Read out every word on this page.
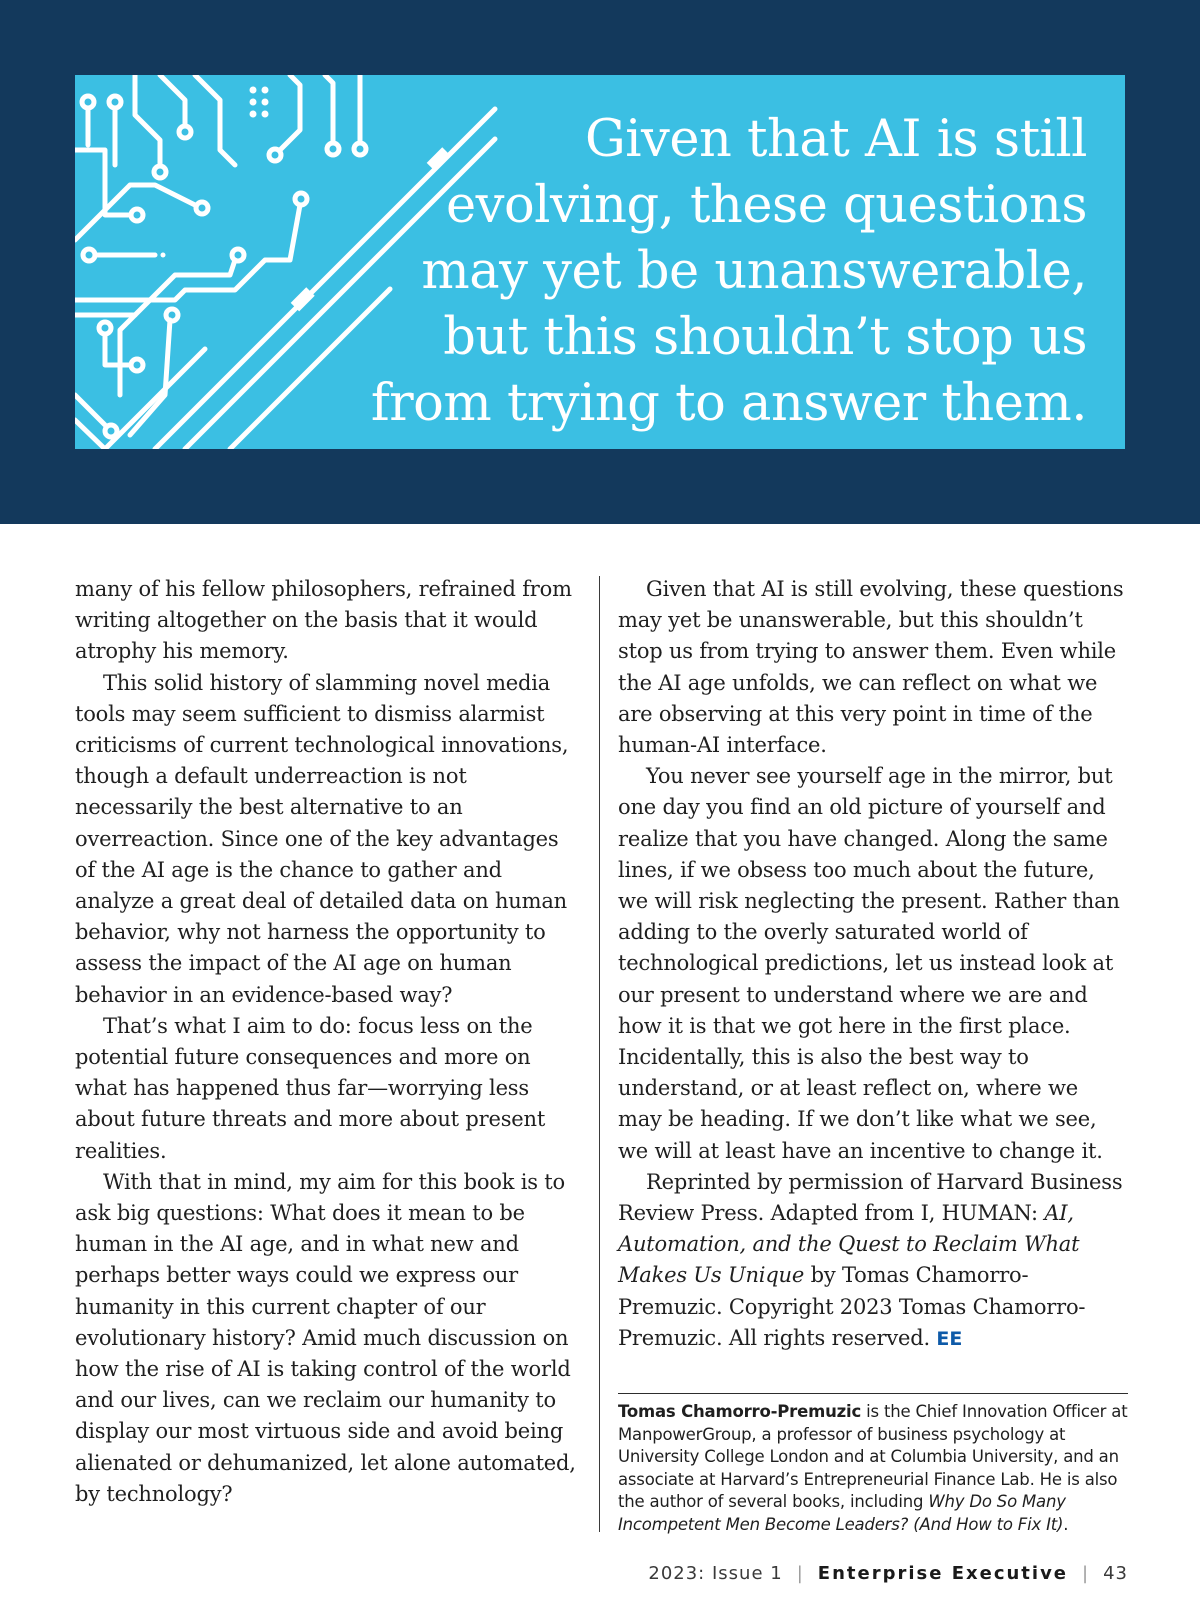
Given that AI is still

evolving, these questions

may yet be unanswerable,

but this shouldn’t stop us

from trying to answer them.

many of his fellow philosophers, refrained from writing altogether on the basis that it would atrophy his memory.

This solid history of slamming novel media tools may seem sufficient to dismiss alarmist criticisms of current technological innovations, though a default underreaction is not necessarily the best alternative to an overreaction. Since one of the key advantages of the AI age is the chance to gather and analyze a great deal of detailed data on human behavior, why not harness the opportunity to assess the impact of the AI age on human behavior in an evidence-based way?

That’s what I aim to do: focus less on the potential future consequences and more on what has happened thus far—worrying less about future threats and more about present realities.

With that in mind, my aim for this book is to ask big questions: What does it mean to be human in the AI age, and in what new and perhaps better ways could we express our humanity in this current chapter of our evolutionary history? Amid much discussion on how the rise of AI is taking control of the world and our lives, can we reclaim our humanity to display our most virtuous side and avoid being alienated or dehumanized, let alone automated, by technology?

Given that AI is still evolving, these questions may yet be unanswerable, but this shouldn’t stop us from trying to answer them. Even while the AI age unfolds, we can reflect on what we are observing at this very point in time of the human-AI interface.

You never see yourself age in the mirror, but one day you find an old picture of yourself and realize that you have changed. Along the same lines, if we obsess too much about the future, we will risk neglecting the present. Rather than adding to the overly saturated world of technological predictions, let us instead look at our present to understand where we are and how it is that we got here in the first place. Incidentally, this is also the best way to understand, or at least reflect on, where we may be heading. If we don’t like what we see, we will at least have an incentive to change it.

Reprinted by permission of Harvard Business Review Press. Adapted from I, HUMAN: AI, Automation, and the Quest to Reclaim What Makes Us Unique by Tomas Chamorro-Premuzic. Copyright 2023 Tomas Chamorro-Premuzic. All rights reserved. EE

Tomas Chamorro-Premuzic is the Chief Innovation Officer at ManpowerGroup, a professor of business psychology at University College London and at Columbia University, and an associate at Harvard’s Entrepreneurial Finance Lab. He is also the author of several books, including Why Do So Many Incompetent Men Become Leaders? (And How to Fix It).
2023: Issue 1 | Enterprise Executive | 43
